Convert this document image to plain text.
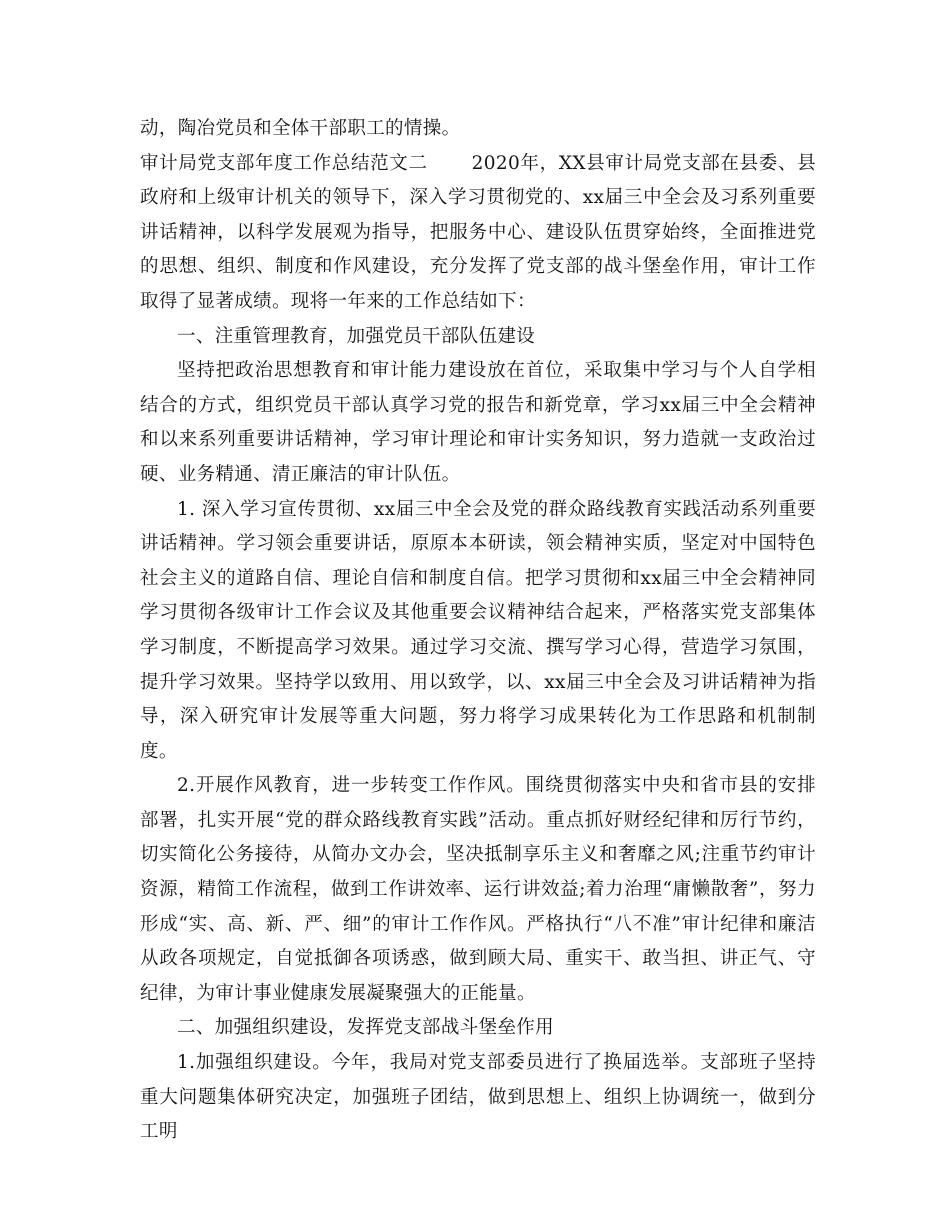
动，陶冶党员和全体干部职工的情操。

审计局党支部年度工作总结范文二 2020年，XX县审计局党支部在县委、县政府和上级审计机关的领导下，深入学习贯彻党的、xx届三中全会及习系列重要讲话精神，以科学发展观为指导，把服务中心、建设队伍贯穿始终，全面推进党的思想、组织、制度和作风建设，充分发挥了党支部的战斗堡垒作用，审计工作取得了显著成绩。现将一年来的工作总结如下：

一、注重管理教育，加强党员干部队伍建设

坚持把政治思想教育和审计能力建设放在首位，采取集中学习与个人自学相结合的方式，组织党员干部认真学习党的报告和新党章，学习xx届三中全会精神和以来系列重要讲话精神，学习审计理论和审计实务知识，努力造就一支政治过硬、业务精通、清正廉洁的审计队伍。

1. 深入学习宣传贯彻、xx届三中全会及党的群众路线教育实践活动系列重要讲话精神。学习领会重要讲话，原原本本研读，领会精神实质，坚定对中国特色社会主义的道路自信、理论自信和制度自信。把学习贯彻和xx届三中全会精神同学习贯彻各级审计工作会议及其他重要会议精神结合起来，严格落实党支部集体学习制度，不断提高学习效果。通过学习交流、撰写学习心得，营造学习氛围，提升学习效果。坚持学以致用、用以致学，以、xx届三中全会及习讲话精神为指导，深入研究审计发展等重大问题，努力将学习成果转化为工作思路和机制制度。

2.开展作风教育，进一步转变工作作风。围绕贯彻落实中央和省市县的安排部署，扎实开展“党的群众路线教育实践”活动。重点抓好财经纪律和厉行节约，切实简化公务接待，从简办文办会，坚决抵制享乐主义和奢靡之风;注重节约审计资源，精简工作流程，做到工作讲效率、运行讲效益;着力治理“庸懒散奢”，努力形成“实、高、新、严、细”的审计工作作风。严格执行“八不准”审计纪律和廉洁从政各项规定，自觉抵御各项诱惑，做到顾大局、重实干、敢当担、讲正气、守纪律，为审计事业健康发展凝聚强大的正能量。

二、加强组织建设，发挥党支部战斗堡垒作用

1.加强组织建设。今年，我局对党支部委员进行了换届选举。支部班子坚持重大问题集体研究决定，加强班子团结，做到思想上、组织上协调统一，做到分工明
